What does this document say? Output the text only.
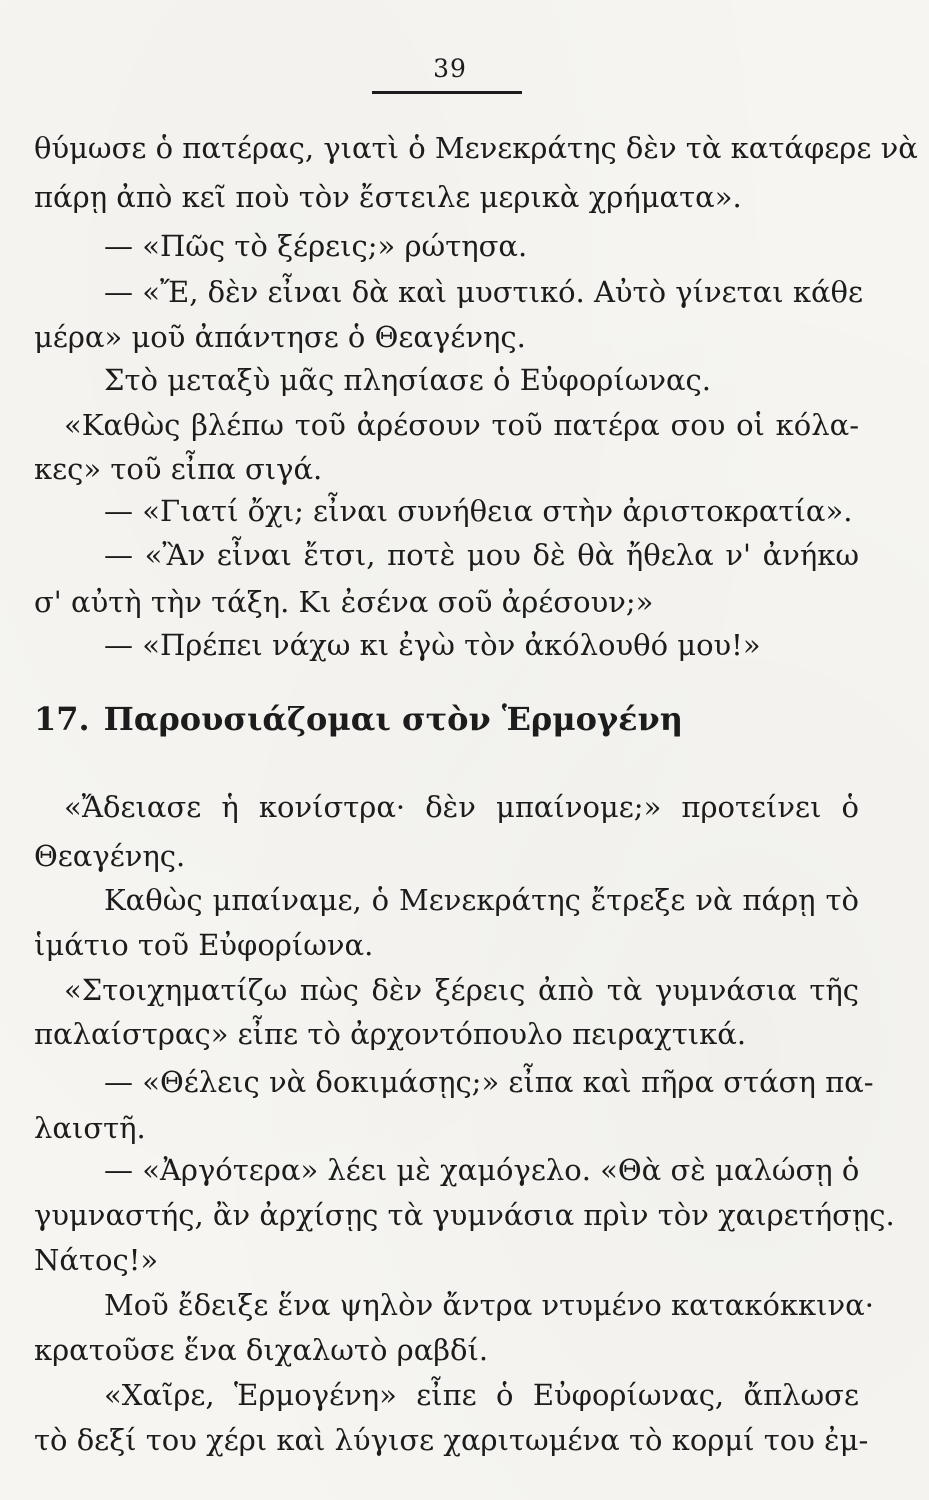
39
θύμωσε ὁ πατέρας, γιατὶ ὁ Μενεκράτης δὲν τὰ κατάφερε νὰ
πάρῃ ἀπὸ κεῖ ποὺ τὸν ἔστειλε μερικὰ χρήματα».
— «Πῶς τὸ ξέρεις;» ρώτησα.
— «Ἔ, δὲν εἶναι δὰ καὶ μυστικό. Αὐτὸ γίνεται κάθε
μέρα» μοῦ ἀπάντησε ὁ Θεαγένης.
Στὸ μεταξὺ μᾶς πλησίασε ὁ Εὐφορίωνας.
«Καθὼς βλέπω τοῦ ἀρέσουν τοῦ πατέρα σου οἱ κόλα-
κες» τοῦ εἶπα σιγά.
— «Γιατί ὄχι; εἶναι συνήθεια στὴν ἀριστοκρατία».
— «Ἂν εἶναι ἔτσι, ποτὲ μου δὲ θὰ ἤθελα ν' ἀνήκω
σ' αὐτὴ τὴν τάξη. Κι ἐσένα σοῦ ἀρέσουν;»
— «Πρέπει νάχω κι ἐγὼ τὸν ἀκόλουθό μου!»
17. Παρουσιάζομαι στὸν Ἑρμογένη
«Ἄδειασε ἡ κονίστρα· δὲν μπαίνομε;» προτείνει ὁ
Θεαγένης.
Καθὼς μπαίναμε, ὁ Μενεκράτης ἔτρεξε νὰ πάρῃ τὸ
ἱμάτιο τοῦ Εὐφορίωνα.
«Στοιχηματίζω πὼς δὲν ξέρεις ἀπὸ τὰ γυμνάσια τῆς
παλαίστρας» εἶπε τὸ ἀρχοντόπουλο πειραχτικά.
— «Θέλεις νὰ δοκιμάσῃς;» εἶπα καὶ πῆρα στάση πα-
λαιστῆ.
— «Ἀργότερα» λέει μὲ χαμόγελο. «Θὰ σὲ μαλώσῃ ὁ
γυμναστής, ἂν ἀρχίσῃς τὰ γυμνάσια πρὶν τὸν χαιρετήσῃς.
Νάτος!»
Μοῦ ἔδειξε ἕνα ψηλὸν ἄντρα ντυμένο κατακόκκινα·
κρατοῦσε ἕνα διχαλωτὸ ραβδί.
«Χαῖρε, Ἑρμογένη» εἶπε ὁ Εὐφορίωνας, ἄπλωσε
τὸ δεξί του χέρι καὶ λύγισε χαριτωμένα τὸ κορμί του ἐμ-
